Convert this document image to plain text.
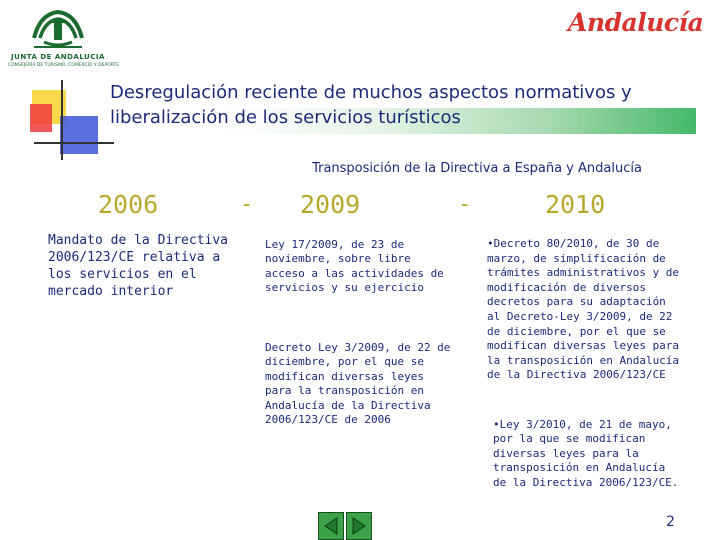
JUNTA DE ANDALUCIA
CONSEJERÍA DE TURISMO, COMERCIO Y DEPORTE
Andalucía
Desregulación reciente de muchos aspectos normativos y liberalización de los servicios turísticos
Transposición de la Directiva a España y Andalucía
2006	- 2009	-	2010
Mandato de la Directiva 2006/123/CE relativa a los servicios en el mercado interior
Ley 17/2009, de 23 de noviembre, sobre libre acceso a las actividades de servicios y su ejercicio
Decreto Ley 3/2009, de 22 de diciembre, por el que se modifican diversas leyes para la transposición en Andalucía de la Directiva 2006/123/CE de 2006
•Decreto 80/2010, de 30 de marzo, de simplificación de trámites administrativos y de modificación de diversos decretos para su adaptación al Decreto-Ley 3/2009, de 22 de diciembre, por el que se modifican diversas leyes para la transposición en Andalucía de la Directiva 2006/123/CE
•Ley 3/2010, de 21 de mayo, por la que se modifican diversas leyes para la transposición en Andalucía de la Directiva 2006/123/CE.
2
